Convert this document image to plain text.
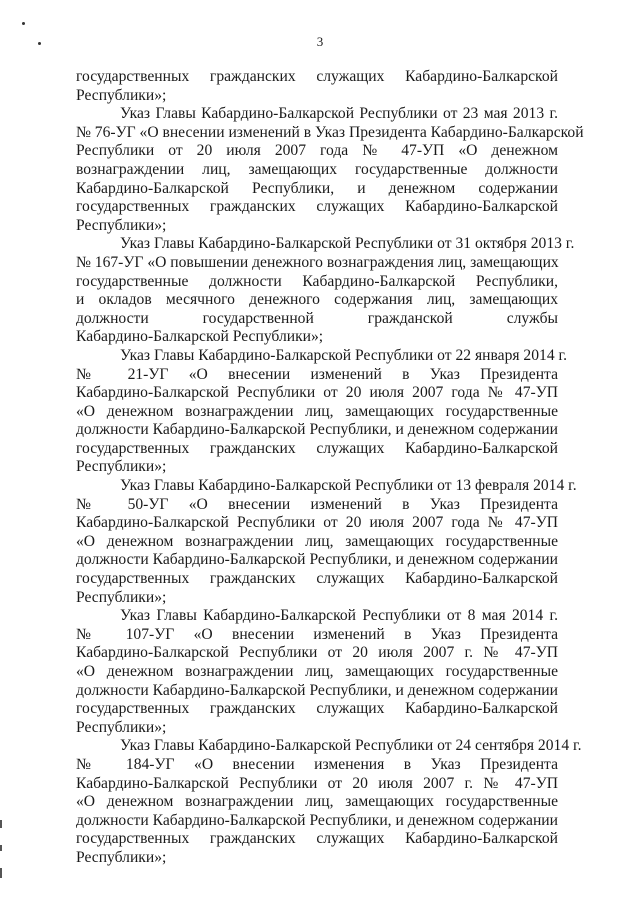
3
государственных гражданских служащих Кабардино-Балкарской
Республики»;
Указ Главы Кабардино-Балкарской Республики от 23 мая 2013 г.
№ 76-УГ «О внесении изменений в Указ Президента Кабардино-Балкарской
Республики от 20 июля 2007 года № 47-УП «О денежном
вознаграждении лиц, замещающих государственные должности
Кабардино-Балкарской Республики, и денежном содержании
государственных гражданских служащих Кабардино-Балкарской
Республики»;
Указ Главы Кабардино-Балкарской Республики от 31 октября 2013 г.
№ 167-УГ «О повышении денежного вознаграждения лиц, замещающих
государственные должности Кабардино-Балкарской Республики,
и окладов месячного денежного содержания лиц, замещающих
должности государственной гражданской службы
Кабардино-Балкарской Республики»;
Указ Главы Кабардино-Балкарской Республики от 22 января 2014 г.
№ 21-УГ «О внесении изменений в Указ Президента
Кабардино-Балкарской Республики от 20 июля 2007 года № 47-УП
«О денежном вознаграждении лиц, замещающих государственные
должности Кабардино-Балкарской Республики, и денежном содержании
государственных гражданских служащих Кабардино-Балкарской
Республики»;
Указ Главы Кабардино-Балкарской Республики от 13 февраля 2014 г.
№ 50-УГ «О внесении изменений в Указ Президента
Кабардино-Балкарской Республики от 20 июля 2007 года № 47-УП
«О денежном вознаграждении лиц, замещающих государственные
должности Кабардино-Балкарской Республики, и денежном содержании
государственных гражданских служащих Кабардино-Балкарской
Республики»;
Указ Главы Кабардино-Балкарской Республики от 8 мая 2014 г.
№ 107-УГ «О внесении изменений в Указ Президента
Кабардино-Балкарской Республики от 20 июля 2007 г. № 47-УП
«О денежном вознаграждении лиц, замещающих государственные
должности Кабардино-Балкарской Республики, и денежном содержании
государственных гражданских служащих Кабардино-Балкарской
Республики»;
Указ Главы Кабардино-Балкарской Республики от 24 сентября 2014 г.
№ 184-УГ «О внесении изменения в Указ Президента
Кабардино-Балкарской Республики от 20 июля 2007 г. № 47-УП
«О денежном вознаграждении лиц, замещающих государственные
должности Кабардино-Балкарской Республики, и денежном содержании
государственных гражданских служащих Кабардино-Балкарской
Республики»;
